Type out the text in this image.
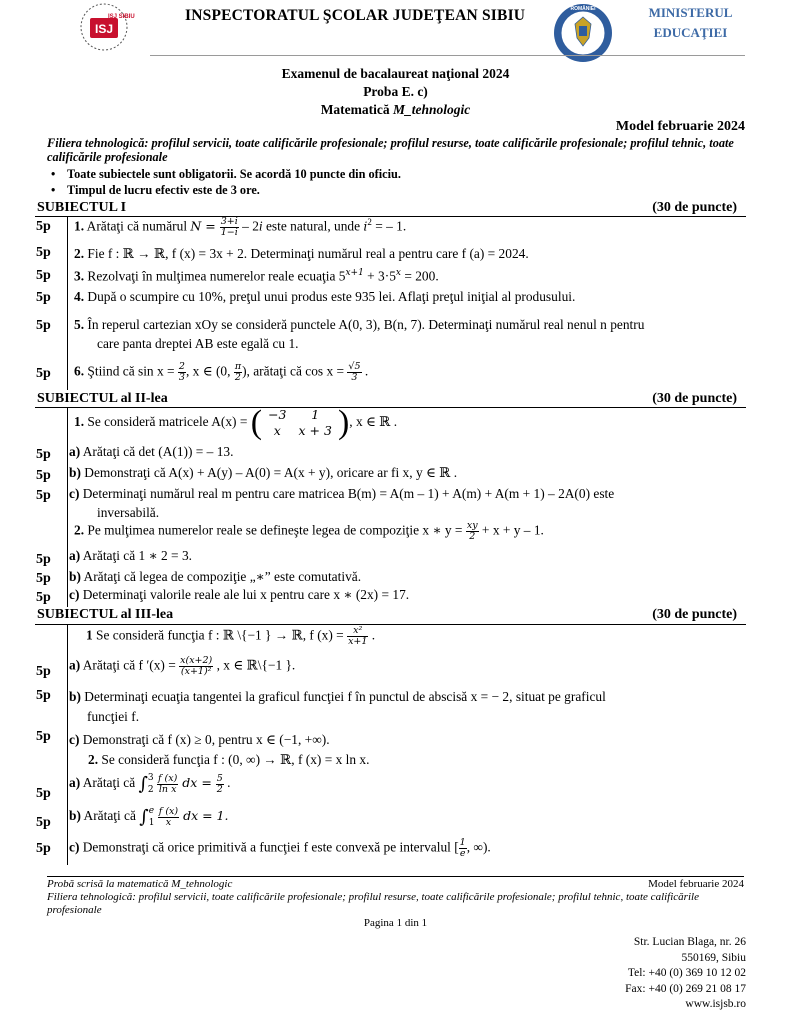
ISJ
ISJ SIBIU	INSPECTORATUL ŞCOLAR JUDEŢEAN SIBIU
GUVERNUL ROMÂNIEI	MINISTERUL
EDUCAŢIEI
Examenul de bacalaureat naţional 2024
Proba E. c)
Matematică M_tehnologic
Model februarie 2024
Filiera tehnologică: profilul servicii, toate calificările profesionale; profilul resurse, toate calificările profesionale; profilul tehnic, toate calificările profesionale
• Toate subiectele sunt obligatorii. Se acordă 10 puncte din oficiu.
• Timpul de lucru efectiv este de 3 ore.
SUBIECTUL I	(30 de puncte)
5p 1. Arătaţi că numărul $N = \frac{3+i}{1-i} - 2i$ este natural, unde $i^2$ = – 1.
5p 2. Fie f : ℝ → ℝ, f (x) = 3x + 2. Determinaţi numărul real a pentru care f (a) = 2024.
5p 3. Rezolvaţi în mulţimea numerelor reale ecuaţia $5^{x+1} + 3\cdot 5^x = 200$.
5p 4. După o scumpire cu 10%, preţul unui produs este 935 lei. Aflaţi preţul iniţial al produsului.
5p 5. În reperul cartezian xOy se consideră punctele A(0, 3), B(n, 7). Determinaţi numărul real nenul n pentru
care panta dreptei AB este egală cu 1.
5p 6. Ştiind că $\sin x = \frac{2}{3}$ , x ∈ (0, $\frac{\pi}{2}$ ), arătaţi că $\cos x = \frac{√5}{3}$ .
SUBIECTUL al II-lea	(30 de puncte)
1. Se consideră matricele A(x) = ( −3	1
x	x + 3 ), x ∈ ℝ .
5p a) Arătaţi că det (A(1)) = – 13.
5p b) Demonstraţi că A(x) + A(y) – A(0) = A(x + y), oricare ar fi x, y ∈ ℝ .
5p c) Determinaţi numărul real m pentru care matricea B(m) = A(m – 1) + A(m) + A(m + 1) – 2A(0) este
inversabilă.
2. Pe mulţimea numerelor reale se defineşte legea de compoziţie x ∗ $y = \frac{xy}{2} + x + y - 1$.
5p a) Arătaţi că 1 ∗ 2 = 3.
5p b) Arătaţi că legea de compoziţie „∗” este comutativă.
5p c) Determinaţi valorile reale ale lui x pentru care x ∗ (2x) = 17.
SUBIECTUL al III-lea	(30 de puncte)
1 Se consideră funcţia f : ℝ \{−1 } → ℝ, f $(x) = \frac{\text{x²}}{x+1}$ .
5p a) Arătaţi că f $'(x) = \frac{x(x+2)}{\text{(x+1)²}}$ , x ∈ ℝ\{−1 }.
5p b) Determinaţi ecuaţia tangentei la graficul funcţiei f în punctul de abscisă x = − 2, situat pe graficul
funcţiei f.
5p c) Demonstraţi că f (x) ≥ 0, pentru x ∈ (−1, +∞).
2. Se consideră funcţia f : (0, ∞) → ℝ, f (x) = x ln x.
5p
a) Arătaţi că ∫ 3
2
$\frac{f (x)}{\text{ln x}}$ dx = $\frac{5}{2}$ .
5p b) Arătaţi că ∫ e
1
$\frac{f (x)}{x}$ dx = 1.
5p c) Demonstraţi că orice primitivă a funcţiei f este convexă pe intervalul [ $\frac{1}{e}$ , ∞).
Probă scrisă la matematică M_tehnologic	Model februarie 2024
Filiera tehnologică: profilul servicii, toate calificările profesionale; profilul resurse, toate calificările profesionale; profilul tehnic, toate calificările profesionale
Pagina 1 din 1
Str. Lucian Blaga, nr. 26
550169, Sibiu
Tel: +40 (0) 369 10 12 02
Fax: +40 (0) 269 21 08 17
www.isjsb.ro
